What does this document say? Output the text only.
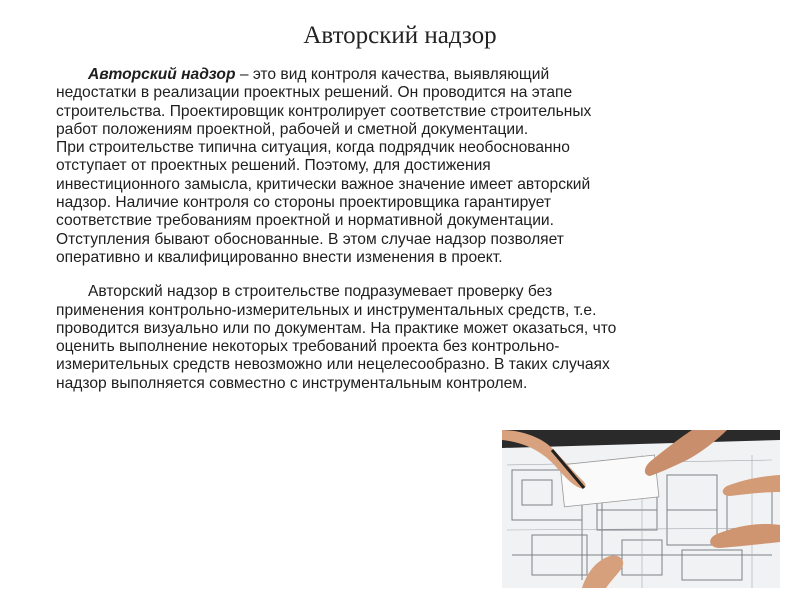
Авторский надзор
Авторский надзор – это вид контроля качества, выявляющий
недостатки в реализации проектных решений. Он проводится на этапе
строительства. Проектировщик контролирует соответствие строительных
работ положениям проектной, рабочей и сметной документации.
При строительстве типична ситуация, когда подрядчик необоснованно
отступает от проектных решений. Поэтому, для достижения
инвестиционного замысла, критически важное значение имеет авторский
надзор. Наличие контроля со стороны проектировщика гарантирует
соответствие требованиям проектной и нормативной документации.
Отступления бывают обоснованные. В этом случае надзор позволяет
оперативно и квалифицированно внести изменения в проект.
Авторский надзор в строительстве подразумевает проверку без
применения контрольно-измерительных и инструментальных средств, т.е.
проводится визуально или по документам. На практике может оказаться, что
оценить выполнение некоторых требований проекта без контрольно-
измерительных средств невозможно или нецелесообразно. В таких случаях
надзор выполняется совместно с инструментальным контролем.
